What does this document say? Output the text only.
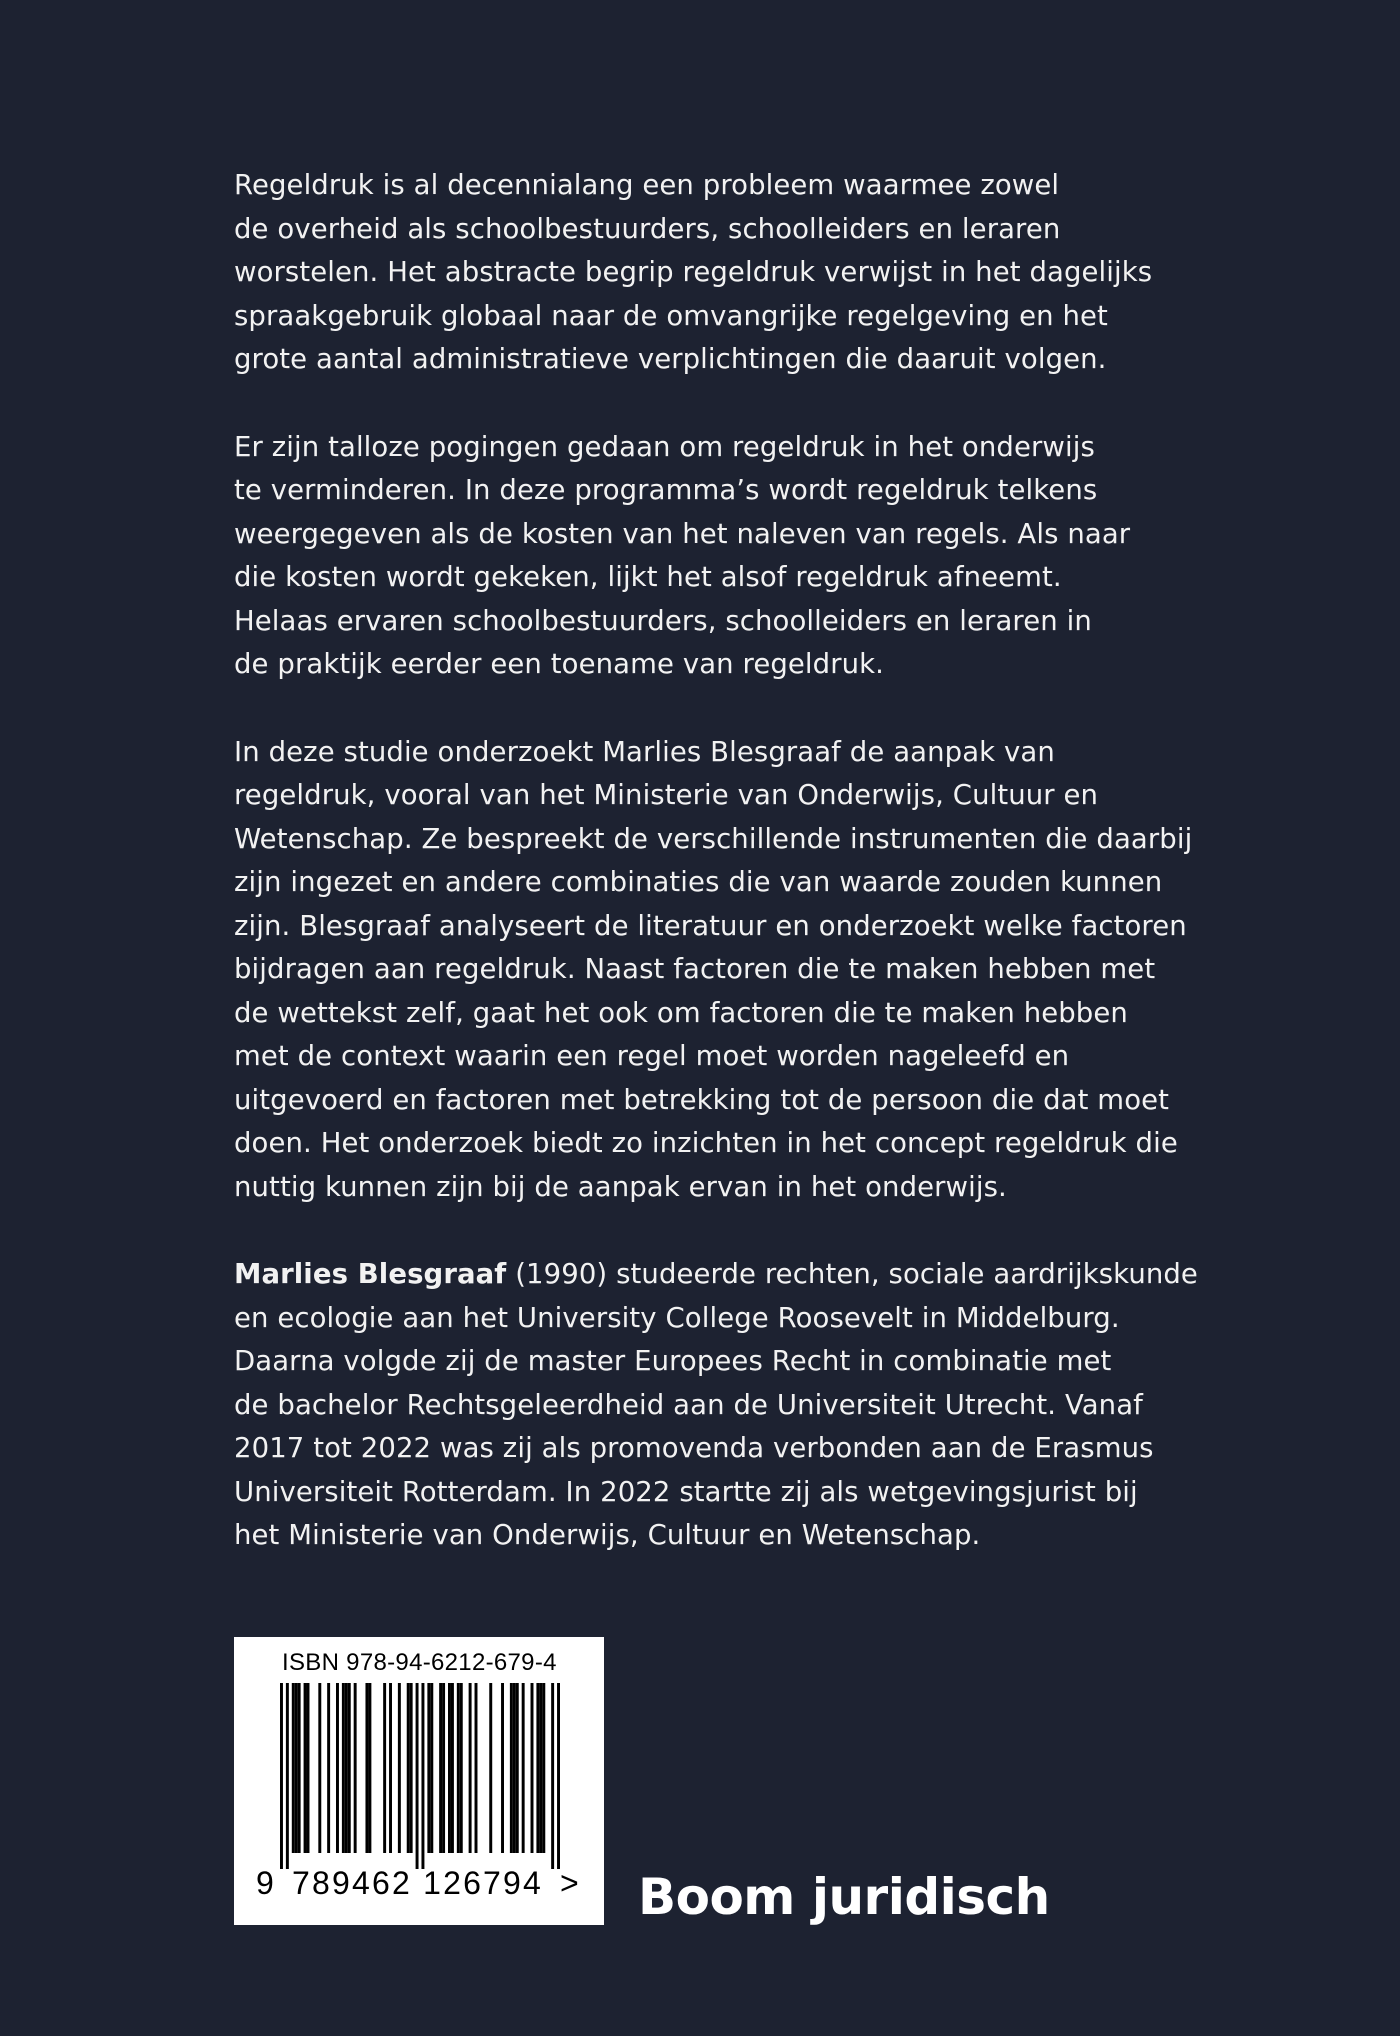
Regeldruk is al decennialang een probleem waarmee zowel
de overheid als schoolbestuurders, schoolleiders en leraren
worstelen. Het abstracte begrip regeldruk verwijst in het dagelijks
spraakgebruik globaal naar de omvangrijke regelgeving en het
grote aantal administratieve verplichtingen die daaruit volgen.

Er zijn talloze pogingen gedaan om regeldruk in het onderwijs
te verminderen. In deze programma’s wordt regeldruk telkens
weergegeven als de kosten van het naleven van regels. Als naar
die kosten wordt gekeken, lijkt het alsof regeldruk afneemt.
Helaas ervaren schoolbestuurders, schoolleiders en leraren in
de praktijk eerder een toename van regeldruk.

In deze studie onderzoekt Marlies Blesgraaf de aanpak van
regeldruk, vooral van het Ministerie van Onderwijs, Cultuur en
Wetenschap. Ze bespreekt de verschillende instrumenten die daarbij
zijn ingezet en andere combinaties die van waarde zouden kunnen
zijn. Blesgraaf analyseert de literatuur en onderzoekt welke factoren
bijdragen aan regeldruk. Naast factoren die te maken hebben met
de wettekst zelf, gaat het ook om factoren die te maken hebben
met de context waarin een regel moet worden nageleefd en
uitgevoerd en factoren met betrekking tot de persoon die dat moet
doen. Het onderzoek biedt zo inzichten in het concept regeldruk die
nuttig kunnen zijn bij de aanpak ervan in het onderwijs.

Marlies Blesgraaf (1990) studeerde rechten, sociale aardrijkskunde
en ecologie aan het University College Roosevelt in Middelburg.
Daarna volgde zij de master Europees Recht in combinatie met
de bachelor Rechtsgeleerdheid aan de Universiteit Utrecht. Vanaf
2017 tot 2022 was zij als promovenda verbonden aan de Erasmus
Universiteit Rotterdam. In 2022 startte zij als wetgevingsjurist bij
het Ministerie van Onderwijs, Cultuur en Wetenschap.

ISBN 978-94-6212-679-4
9 789462 126794 > Boom juridisch
